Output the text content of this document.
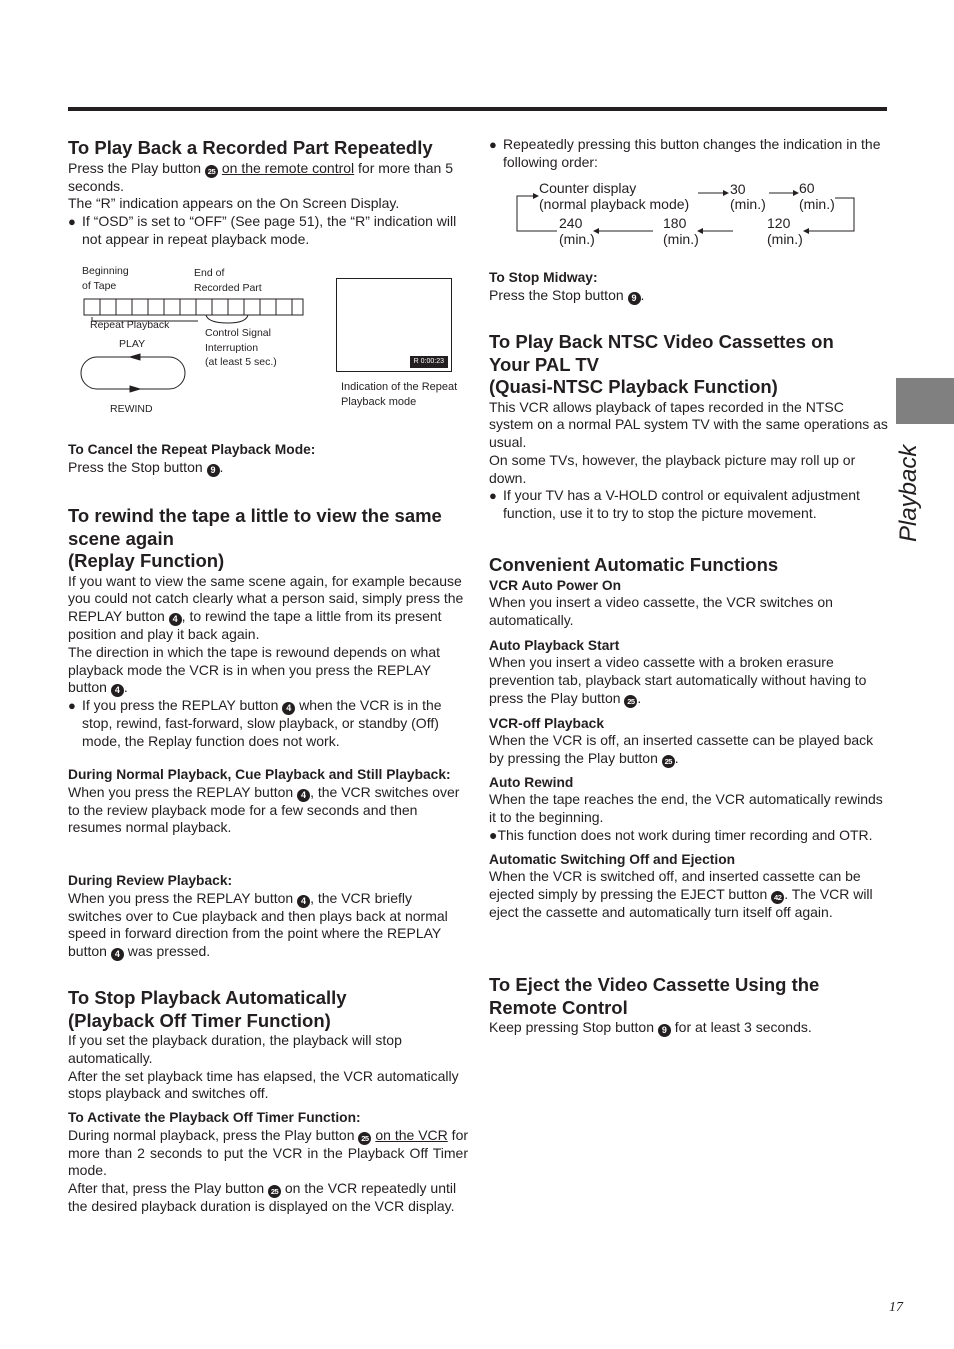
Playback

To Play Back a Recorded Part Repeatedly

Press the Play button 25 on the remote control for more than 5 seconds.

The “R” indication appears on the On Screen Display.

● If “OSD” is set to “OFF” (See page 51), the “R” indication will not appear in repeat playback mode.

Beginning
of Tape
End of
Recorded Part
Repeat Playback
PLAY
REWIND
Control Signal
Interruption
(at least 5 sec.)	R 0:00:23
Indication of the Repeat
Playback mode

To Cancel the Repeat Playback Mode:

Press the Stop button 9 .

To rewind the tape a little to view the same

scene again

(Replay Function)

If you want to view the same scene again, for example because you could not catch clearly what a person said, simply press the REPLAY button 4 , to rewind the tape a little from its present position and play it back again.

The direction in which the tape is rewound depends on what playback mode the VCR is in when you press the REPLAY button 4 .

● If you press the REPLAY button 4 when the VCR is in the stop, rewind, fast-forward, slow playback, or standby (Off) mode, the Replay function does not work.

During Normal Playback, Cue Playback and Still Playback:

When you press the REPLAY button 4 , the VCR switches over to the review playback mode for a few seconds and then resumes normal playback.

During Review Playback:

When you press the REPLAY button 4 , the VCR briefly switches over to Cue playback and then plays back at normal speed in forward direction from the point where the REPLAY button 4 was pressed.

To Stop Playback Automatically

(Playback Off Timer Function)

If you set the playback duration, the playback will stop automatically.

After the set playback time has elapsed, the VCR automatically stops playback and switches off.

To Activate the Playback Off Timer Function:

During normal playback, press the Play button 25 on the VCR for more than 2 seconds to put the VCR in the Playback Off Timer mode.

After that, press the Play button 25 on the VCR repeatedly until the desired playback duration is displayed on the VCR display.

● Repeatedly pressing this button changes the indication in the following order:

Counter display
(normal playback mode)
30
(min.)
60
(min.)
240
(min.)
180
(min.)
120
(min.)

To Stop Midway:

Press the Stop button 9 .

To Play Back NTSC Video Cassettes on

Your PAL TV

(Quasi-NTSC Playback Function)

This VCR allows playback of tapes recorded in the NTSC system on a normal PAL system TV with the same operations as usual.

On some TVs, however, the playback picture may roll up or down.

● If your TV has a V-HOLD control or equivalent adjustment function, use it to try to stop the picture movement.

Convenient Automatic Functions

VCR Auto Power On

When you insert a video cassette, the VCR switches on automatically.

Auto Playback Start

When you insert a video cassette with a broken erasure prevention tab, playback start automatically without having to press the Play button 25 .

VCR-off Playback

When the VCR is off, an inserted cassette can be played back by pressing the Play button 25 .

Auto Rewind

When the tape reaches the end, the VCR automatically rewinds it to the beginning.

●This function does not work during timer recording and OTR.

Automatic Switching Off and Ejection

When the VCR is switched off, and inserted cassette can be ejected simply by pressing the EJECT button 42 . The VCR will eject the cassette and automatically turn itself off again.

To Eject the Video Cassette Using the

Remote Control

Keep pressing Stop button 9 for at least 3 seconds.

17
